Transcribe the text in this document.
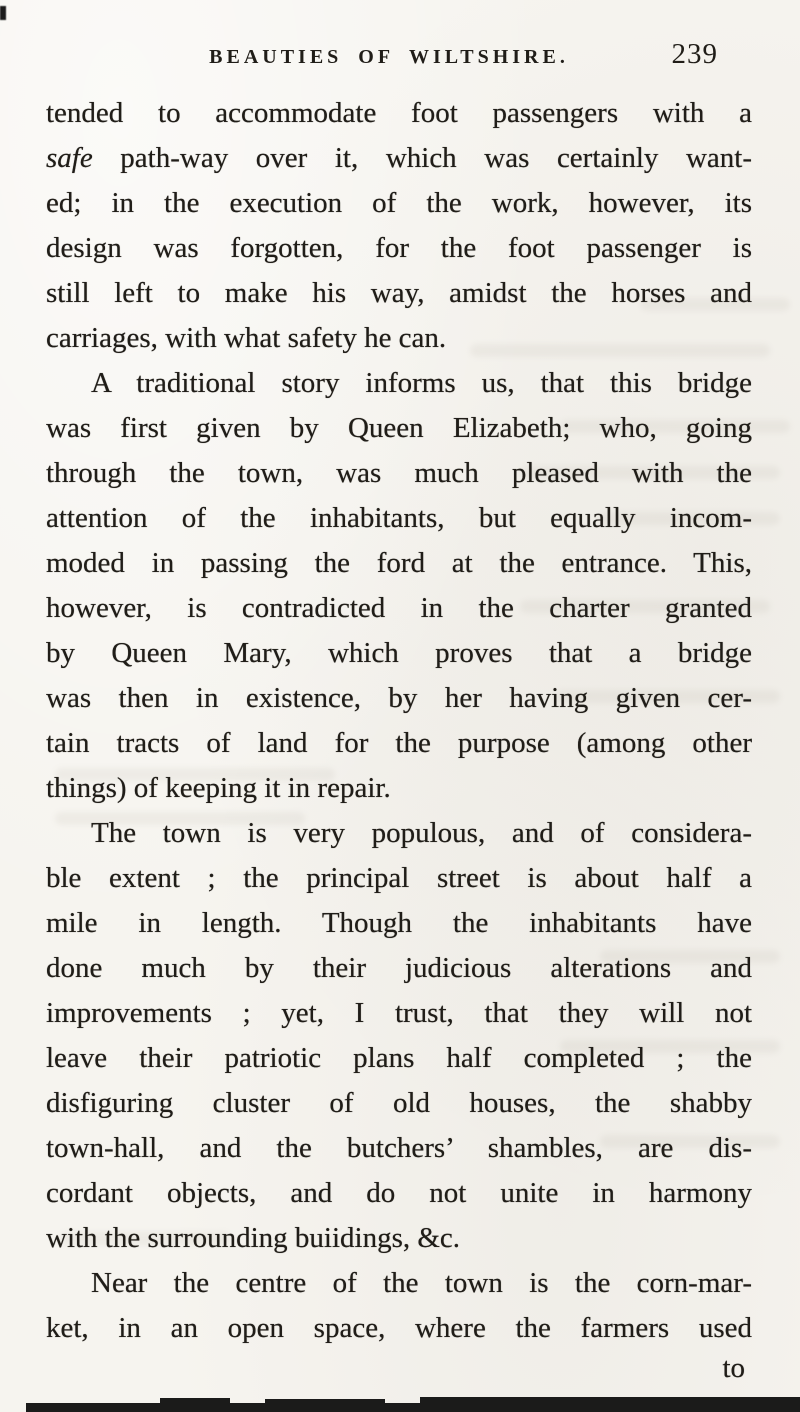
BEAUTIES OF WILTSHIRE.	239
tended to accommodate foot passengers with a
safe path-way over it, which was certainly want-
ed; in the execution of the work, however, its
design was forgotten, for the foot passenger is
still left to make his way, amidst the horses and
carriages, with what safety he can.
A traditional story informs us, that this bridge
was first given by Queen Elizabeth; who, going
through the town, was much pleased with the
attention of the inhabitants, but equally incom-
moded in passing the ford at the entrance. This,
however, is contradicted in the charter granted
by Queen Mary, which proves that a bridge
was then in existence, by her having given cer-
tain tracts of land for the purpose (among other
things) of keeping it in repair.
The town is very populous, and of considera-
ble extent ; the principal street is about half a
mile in length. Though the inhabitants have
done much by their judicious alterations and
improvements ; yet, I trust, that they will not
leave their patriotic plans half completed ; the
disfiguring cluster of old houses, the shabby
town-hall, and the butchers’ shambles, are dis-
cordant objects, and do not unite in harmony
with the surrounding buiidings, &c.
Near the centre of the town is the corn-mar-
ket, in an open space, where the farmers used
to
